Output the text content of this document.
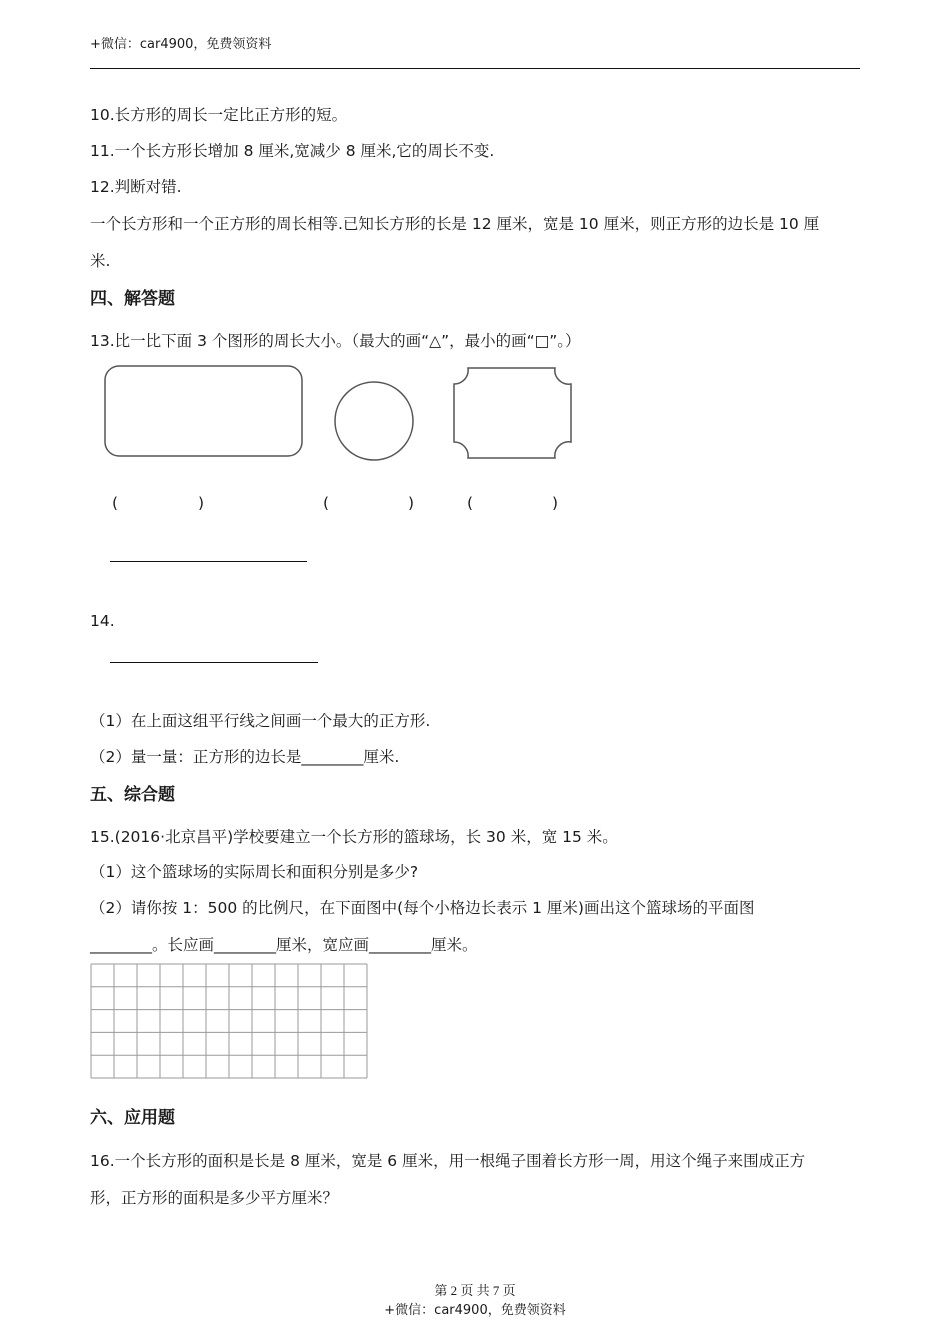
+微信：car4900，免费领资料
10.长方形的周长一定比正方形的短。
11.一个长方形长增加 8 厘米,宽减少 8 厘米,它的周长不变.
12.判断对错.
一个长方形和一个正方形的周长相等.已知长方形的长是 12 厘米，宽是 10 厘米，则正方形的边长是 10 厘
米.
四、解答题
13.比一比下面 3 个图形的周长大小。（最大的画“△”，最小的画“□”。）
(	)	(	)	(	)
14.
（1）在上面这组平行线之间画一个最大的正方形.
（2）量一量：正方形的边长是________厘米.
五、综合题
15.(2016·北京昌平)学校要建立一个长方形的篮球场，长 30 米，宽 15 米。
（1）这个篮球场的实际周长和面积分别是多少?
（2）请你按 1：500 的比例尺，在下面图中(每个小格边长表示 1 厘米)画出这个篮球场的平面图
________。长应画________厘米，宽应画________厘米。
六、应用题
16.一个长方形的面积是长是 8 厘米，宽是 6 厘米，用一根绳子围着长方形一周，用这个绳子来围成正方
形，正方形的面积是多少平方厘米？
第 2 页 共 7 页
+微信：car4900，免费领资料
